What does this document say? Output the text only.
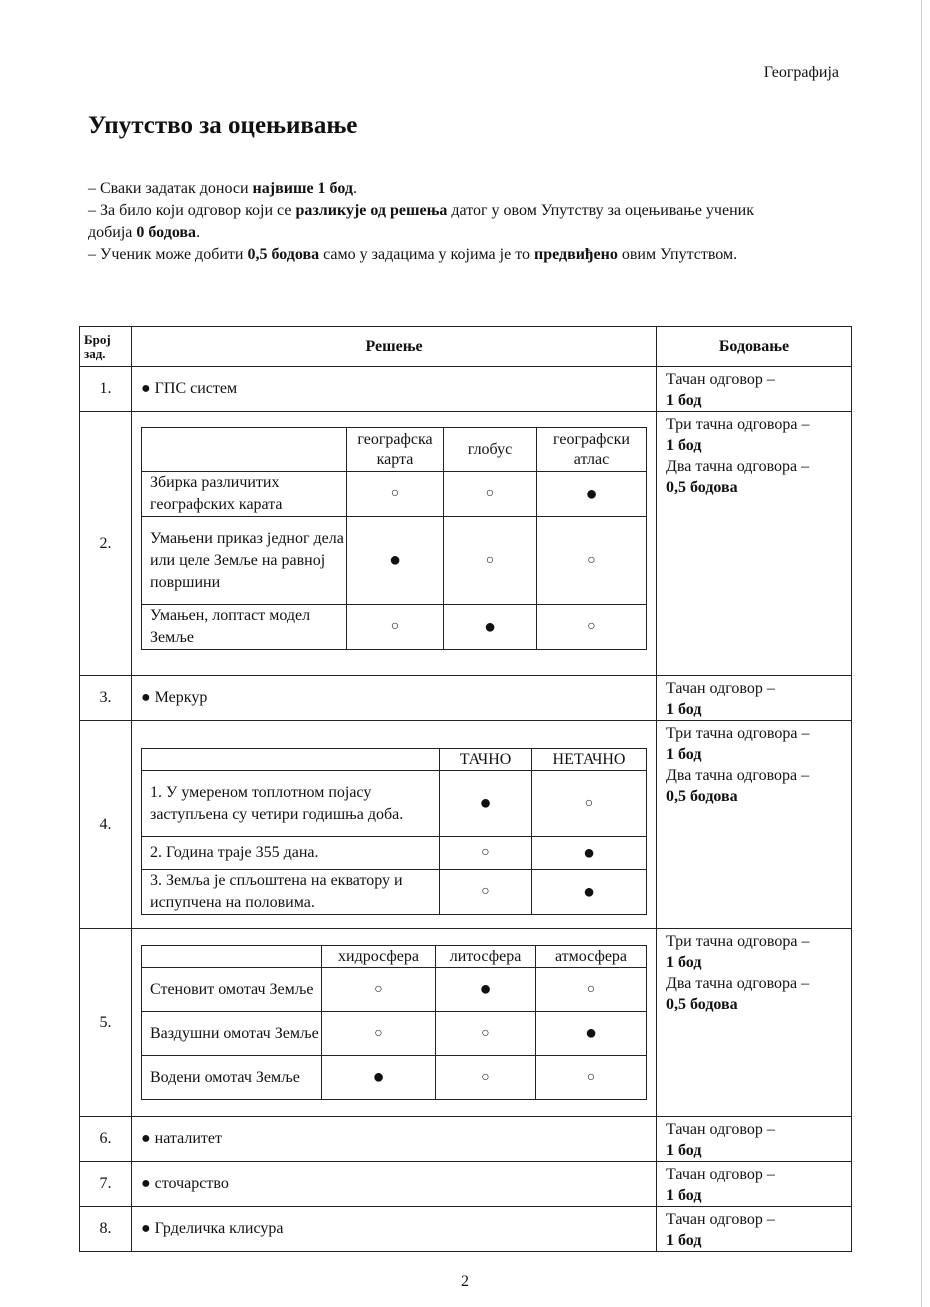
Географија
Упутство за оцењивање

– Сваки задатак доноси највише 1 бод.

– За било који одговор који се разликује од решења датог у овом Упутству за оцењивање ученик добија 0 бодова.

– Ученик може добити 0,5 бодова само у задацима у којима је то предвиђено овим Упутством.

Број зад.	Решење	Бодовање
1.	● ГПС систем	
Тачан одговор –
1 бод

2.	
	географска карта	глобус	географски атлас
Збирка различитих географских карата	○	○	●
Умањени приказ једног дела или целе Земље на равној површини	●	○	○
Умањен, лоптаст модел Земље	○	●	○

Три тачна одговора –
1 бод
Два тачна одговора –
0,5 бодова

3.	● Меркур	
Тачан одговор –
1 бод

4.	
	ТАЧНО	НЕТАЧНО
1. У умереном топлотном појасу заступљена су четири годишња доба.	●	○
2. Година траје 355 дана.	○	●
3. Земља је спљоштена на екватору и испупчена на половима.	○	●

Три тачна одговора –
1 бод
Два тачна одговора –
0,5 бодова

5.	
	хидросфера	литосфера	атмосфера
Стеновит омотач Земље	○	●	○
Ваздушни омотач Земље	○	○	●
Водени омотач Земље	●	○	○

Три тачна одговора –
1 бод
Два тачна одговора –
0,5 бодова

6.	● наталитет	
Тачан одговор –
1 бод

7.	● сточарство	
Тачан одговор –
1 бод

8.	● Грделичка клисура	
Тачан одговор –
1 бод
2
